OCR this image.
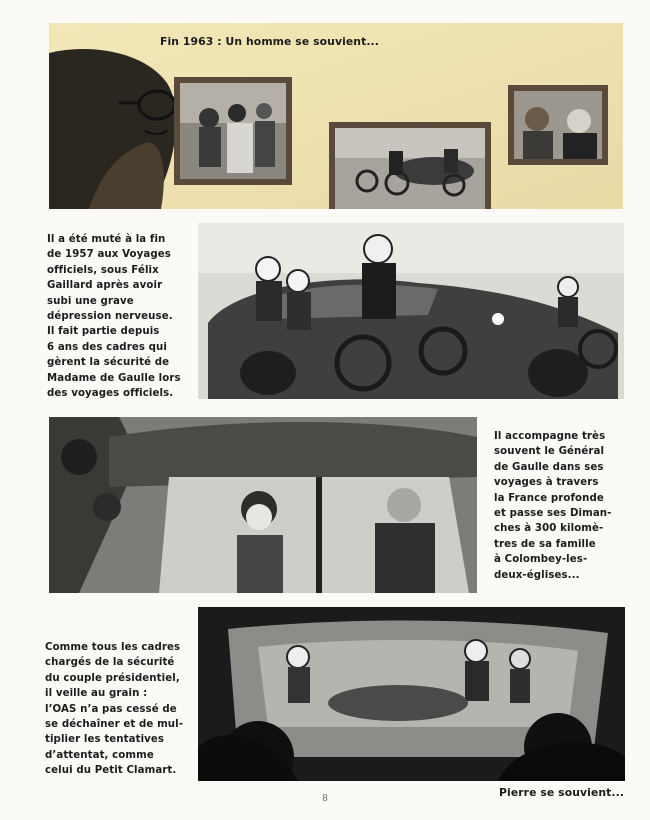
Fin 1963 : Un homme se souvient...
Il a été muté à la fin
de 1957 aux Voyages
officiels, sous Félix
Gaillard après avoir
subi une grave
dépression nerveuse.
Il fait partie depuis
6 ans des cadres qui
gèrent la sécurité de
Madame de Gaulle lors
des voyages officiels.
Il accompagne très
souvent le Général
de Gaulle dans ses
voyages à travers
la France profonde
et passe ses Diman-
ches à 300 kilomè-
tres de sa famille
à Colombey-les-
deux-églises...
Comme tous les cadres
chargés de la sécurité
du couple présidentiel,
il veille au grain :
l’OAS n’a pas cessé de
se déchaîner et de mul-
tiplier les tentatives
d’attentat, comme
celui du Petit Clamart.
Pierre se souvient...
8
